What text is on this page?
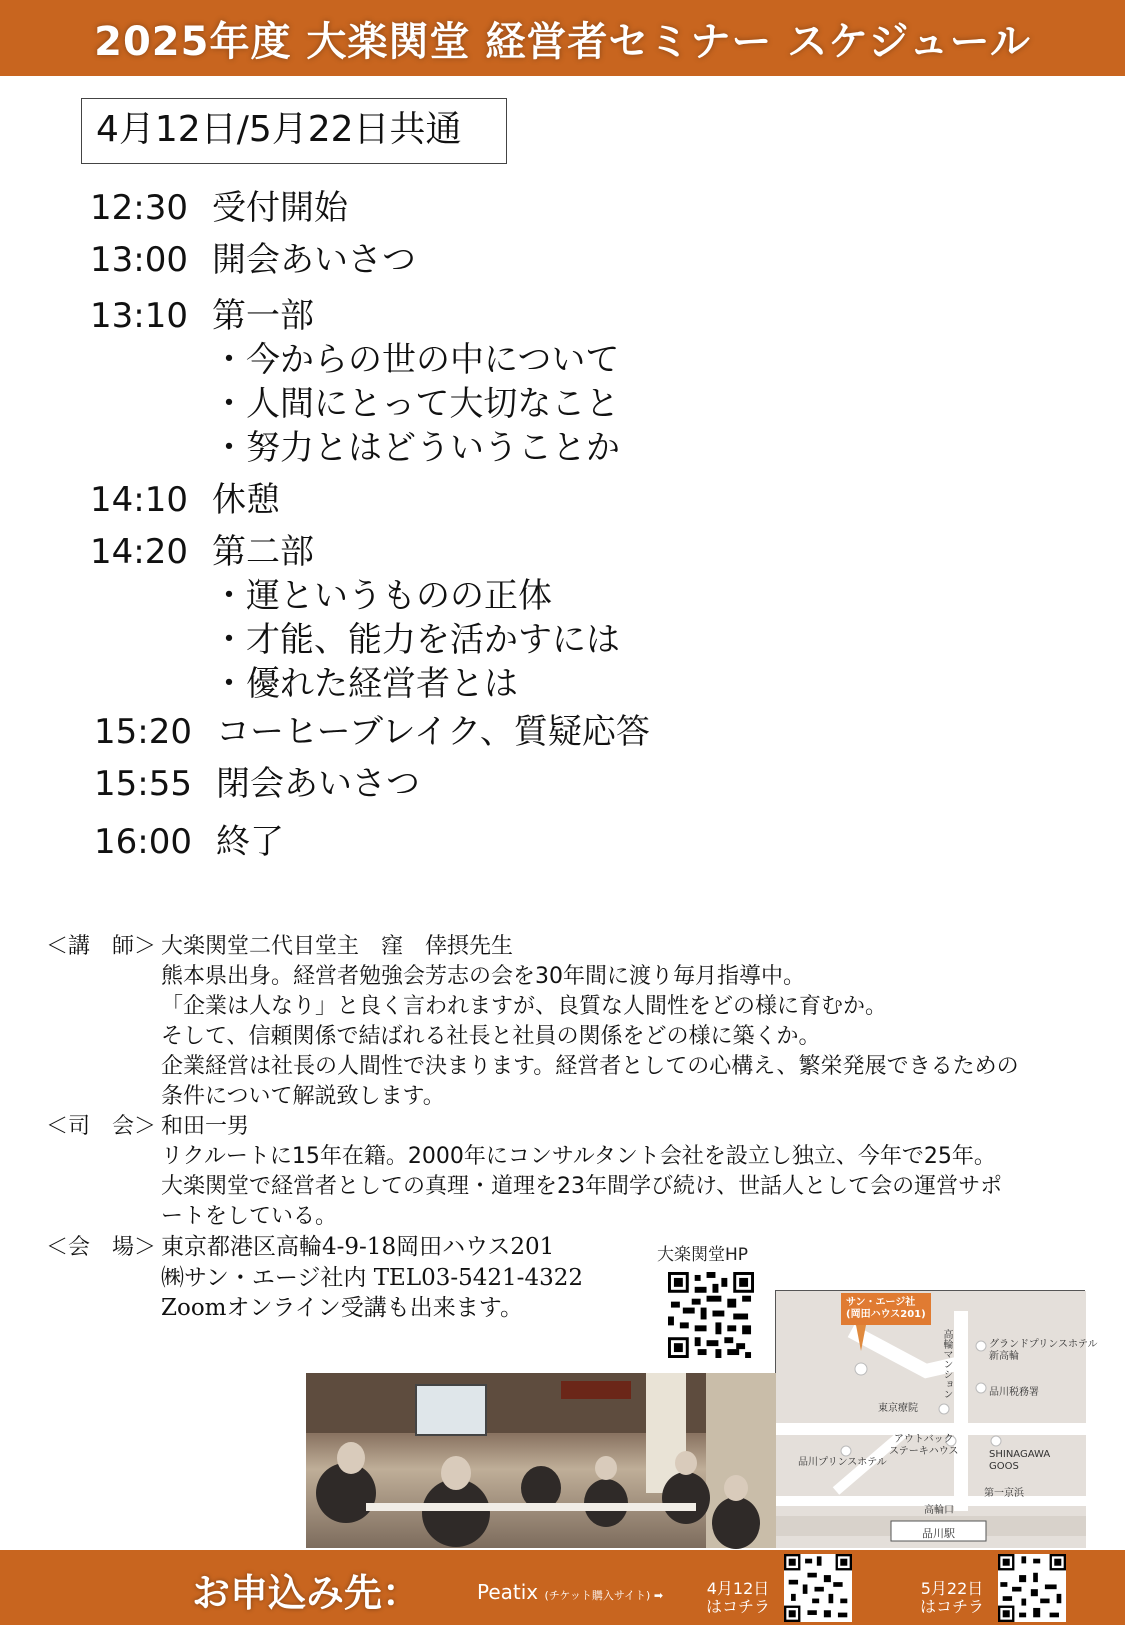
2025年度 大楽関堂 経営者セミナー スケジュール
4月12日/5月22日共通
12:30 受付開始
13:00 開会あいさつ
13:10 第一部
・今からの世の中について
・人間にとって大切なこと
・努力とはどういうことか
14:10 休憩
14:20 第二部
・運というものの正体
・才能、能力を活かすには
・優れた経営者とは
15:20 コーヒーブレイク、質疑応答
15:55 閉会あいさつ
16:00 終了
＜講　師＞ 大楽関堂二代目堂主　窪　倖摂先生
熊本県出身。経営者勉強会芳志の会を30年間に渡り毎月指導中。
「企業は人なり」と良く言われますが、良質な人間性をどの様に育むか。
そして、信頼関係で結ばれる社長と社員の関係をどの様に築くか。
企業経営は社長の人間性で決まります。経営者としての心構え、繁栄発展できるための
条件について解説致します。
＜司　会＞ 和田一男
リクルートに15年在籍。2000年にコンサルタント会社を設立し独立、今年で25年。
大楽関堂で経営者としての真理・道理を23年間学び続け、世話人として会の運営サポ
ートをしている。
＜会　場＞ 東京都港区高輪4-9-18岡田ハウス201
㈱サン・エージ社内 TEL03-5421-4322
Zoomオンライン受講も出来ます。
大楽関堂HP
サン・エージ社
(岡田ハウス201)
高輪マンション	グランドプリンスホテル
新高輪
品川税務署
東京療院
アウトバック
ステーキハウス
品川プリンスホテル
SHINAGAWA
GOOS
第一京浜
高輪口
品川駅
お申込み先：	Peatix (チケット購入サイト) ➡	4月12日
はコチラ
5月22日
はコチラ
